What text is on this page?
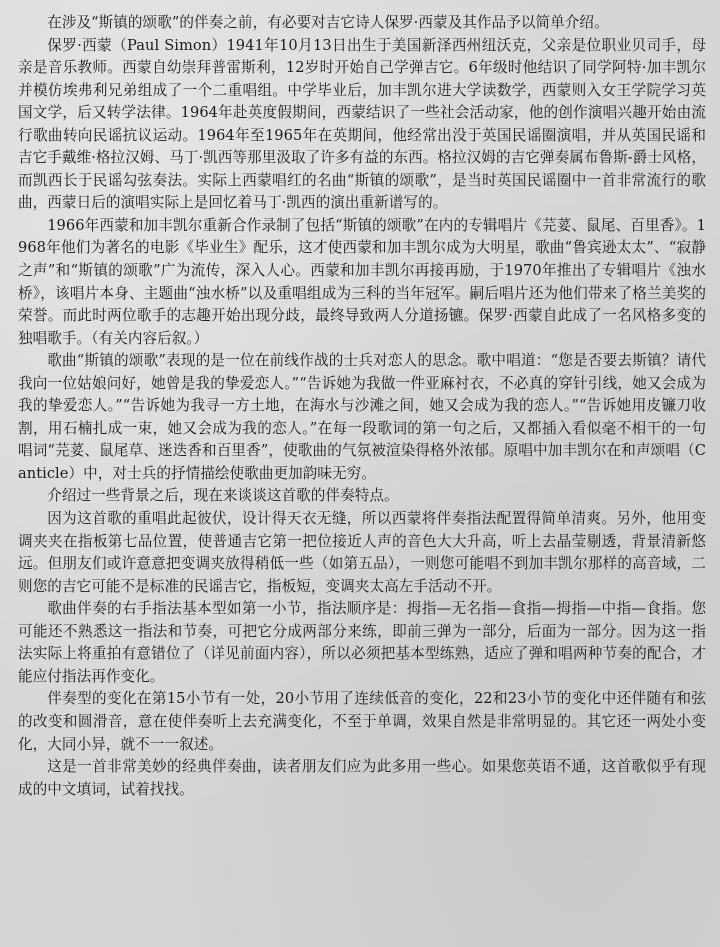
在涉及“斯镇的颂歌”的伴奏之前，有必要对吉它诗人保罗·西蒙及其作品予以简单介绍。

保罗·西蒙（Paul Simon）1941年10月13日出生于美国新泽西州纽沃克，父亲是位职业贝司手，母亲是音乐教师。西蒙自幼崇拜普雷斯利，12岁时开始自己学弹吉它。6年级时他结识了同学阿特·加丰凯尔并模仿埃弗利兄弟组成了一个二重唱组。中学毕业后，加丰凯尔进大学读数学，西蒙则入女王学院学习英国文学，后又转学法律。1964年赴英度假期间，西蒙结识了一些社会活动家，他的创作演唱兴趣开始由流行歌曲转向民谣抗议运动。1964年至1965年在英期间，他经常出没于英国民谣圈演唱，并从英国民谣和吉它手戴维·格拉汉姆、马丁·凯西等那里汲取了许多有益的东西。格拉汉姆的吉它弹奏属布鲁斯-爵士风格，而凯西长于民谣勾弦奏法。实际上西蒙唱红的名曲“斯镇的颂歌”，是当时英国民谣圈中一首非常流行的歌曲，西蒙日后的演唱实际上是回忆着马丁·凯西的演出重新谱写的。

1966年西蒙和加丰凯尔重新合作录制了包括“斯镇的颂歌”在内的专辑唱片《芫荽、鼠尾、百里香》。1968年他们为著名的电影《毕业生》配乐，这才使西蒙和加丰凯尔成为大明星，歌曲“鲁宾逊太太”、“寂静之声”和“斯镇的颂歌”广为流传，深入人心。西蒙和加丰凯尔再接再励，于1970年推出了专辑唱片《浊水桥》，该唱片本身、主题曲“浊水桥”以及重唱组成为三科的当年冠军。嗣后唱片还为他们带来了格兰美奖的荣誉。而此时两位歌手的志趣开始出现分歧，最终导致两人分道扬镳。保罗·西蒙自此成了一名风格多变的独唱歌手。（有关内容后叙。）

歌曲“斯镇的颂歌”表现的是一位在前线作战的士兵对恋人的思念。歌中唱道：“您是否要去斯镇？请代我向一位姑娘问好，她曾是我的挚爱恋人。”“告诉她为我做一件亚麻衬衣，不必真的穿针引线，她又会成为我的挚爱恋人。”“告诉她为我寻一方土地，在海水与沙滩之间，她又会成为我的恋人。”“告诉她用皮镰刀收割，用石楠扎成一束，她又会成为我的恋人。”在每一段歌词的第一句之后，又都插入看似毫不相干的一句唱词“芫荽、鼠尾草、迷迭香和百里香”，使歌曲的气氛被渲染得格外浓郁。原唱中加丰凯尔在和声颂唱（Canticle）中，对士兵的抒情描绘使歌曲更加韵味无穷。

介绍过一些背景之后，现在来谈谈这首歌的伴奏特点。

因为这首歌的重唱此起彼伏，设计得天衣无缝，所以西蒙将伴奏指法配置得简单清爽。另外，他用变调夹夹在指板第七品位置，使普通吉它第一把位接近人声的音色大大升高，听上去晶莹剔透，背景清新悠远。但朋友们或许意意把变调夹放得稍低一些（如第五品），一则您可能唱不到加丰凯尔那样的高音域，二则您的吉它可能不是标准的民谣吉它，指板短，变调夹太高左手活动不开。

歌曲伴奏的右手指法基本型如第一小节，指法顺序是：拇指—无名指—食指—拇指—中指—食指。您可能还不熟悉这一指法和节奏，可把它分成两部分来练，即前三弹为一部分，后面为一部分。因为这一指法实际上将重拍有意错位了（详见前面内容），所以必须把基本型练熟，适应了弹和唱两种节奏的配合，才能应付指法再作变化。

伴奏型的变化在第15小节有一处，20小节用了连续低音的变化，22和23小节的变化中还伴随有和弦的改变和圆滑音，意在使伴奏听上去充满变化，不至于单调，效果自然是非常明显的。其它还一两处小变化，大同小异，就不一一叙述。

这是一首非常美妙的经典伴奏曲，读者朋友们应为此多用一些心。如果您英语不通，这首歌似乎有现成的中文填词，试着找找。
